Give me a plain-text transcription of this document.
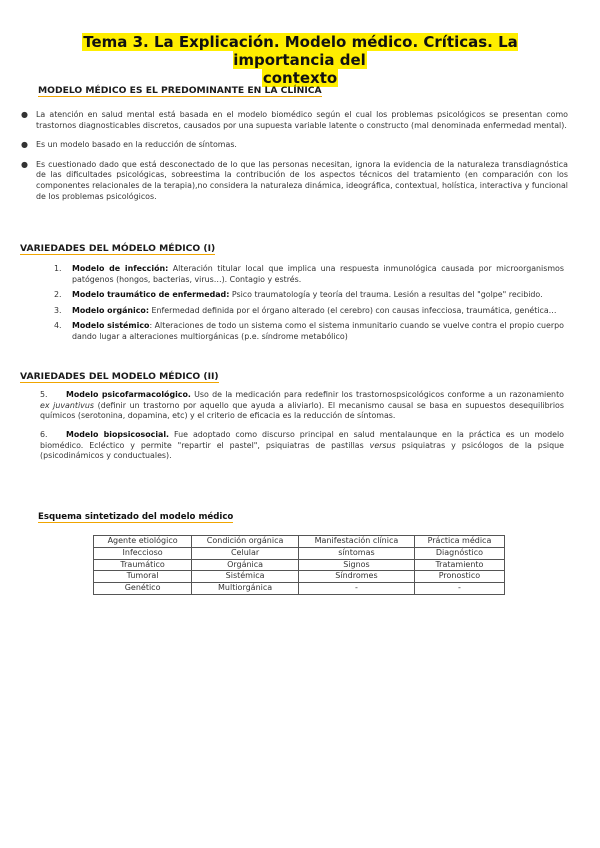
Tema 3. La Explicación. Modelo médico. Críticas. La importancia del
contexto
MODELO MÉDICO ES EL PREDOMINANTE EN LA CLÍNICA
● La atención en salud mental está basada en el modelo biomédico según el cual los problemas psicológicos se presentan como trastornos diagnosticables discretos, causados por una supuesta variable latente o constructo (mal denominada enfermedad mental).
● Es un modelo basado en la reducción de síntomas.
● Es cuestionado dado que está desconectado de lo que las personas necesitan, ignora la evidencia de la naturaleza transdiagnóstica de las dificultades psicológicas, sobreestima la contribución de los aspectos técnicos del tratamiento (en comparación con los componentes relacionales de la terapia),no considera la naturaleza dinámica, ideográfica, contextual, holística, interactiva y funcional de los problemas psicológicos.
VARIEDADES DEL MÓDELO MÉDICO (I)
1. Modelo de infección: Alteración titular local que implica una respuesta inmunológica causada por microorganismos patógenos (hongos, bacterias, virus…). Contagio y estrés.
2. Modelo traumático de enfermedad: Psico traumatología y teoría del trauma. Lesión a resultas del "golpe" recibido.
3. Modelo orgánico: Enfermedad definida por el órgano alterado (el cerebro) con causas infecciosa, traumática, genética…
4. Modelo sistémico: Alteraciones de todo un sistema como el sistema inmunitario cuando se vuelve contra el propio cuerpo dando lugar a alteraciones multiorgánicas (p.e. síndrome metabólico)
VARIEDADES DEL MODELO MÉDICO (II)
5. Modelo psicofarmacológico. Uso de la medicación para redefinir los trastornospsicológicos conforme a un razonamiento ex juvantivus (definir un trastorno por aquello que ayuda a aliviarlo). El mecanismo causal se basa en supuestos desequilibrios químicos (serotonina, dopamina, etc) y el criterio de eficacia es la reducción de síntomas.
6. Modelo biopsicosocial. Fue adoptado como discurso principal en salud mentalaunque en la práctica es un modelo biomédico. Ecléctico y permite "repartir el pastel", psiquiatras de pastillas versus psiquiatras y psicólogos de la psique (psicodinámicos y conductuales).
Esquema sintetizado del modelo médico
Agente etiológico	Condición orgánica	Manifestación clínica	Práctica médica
Infeccioso	Celular	síntomas	Diagnóstico
Traumático	Orgánica	Signos	Tratamiento
Tumoral	Sistémica	Síndromes	Pronostico
Genético	Multiorgánica	-	-
